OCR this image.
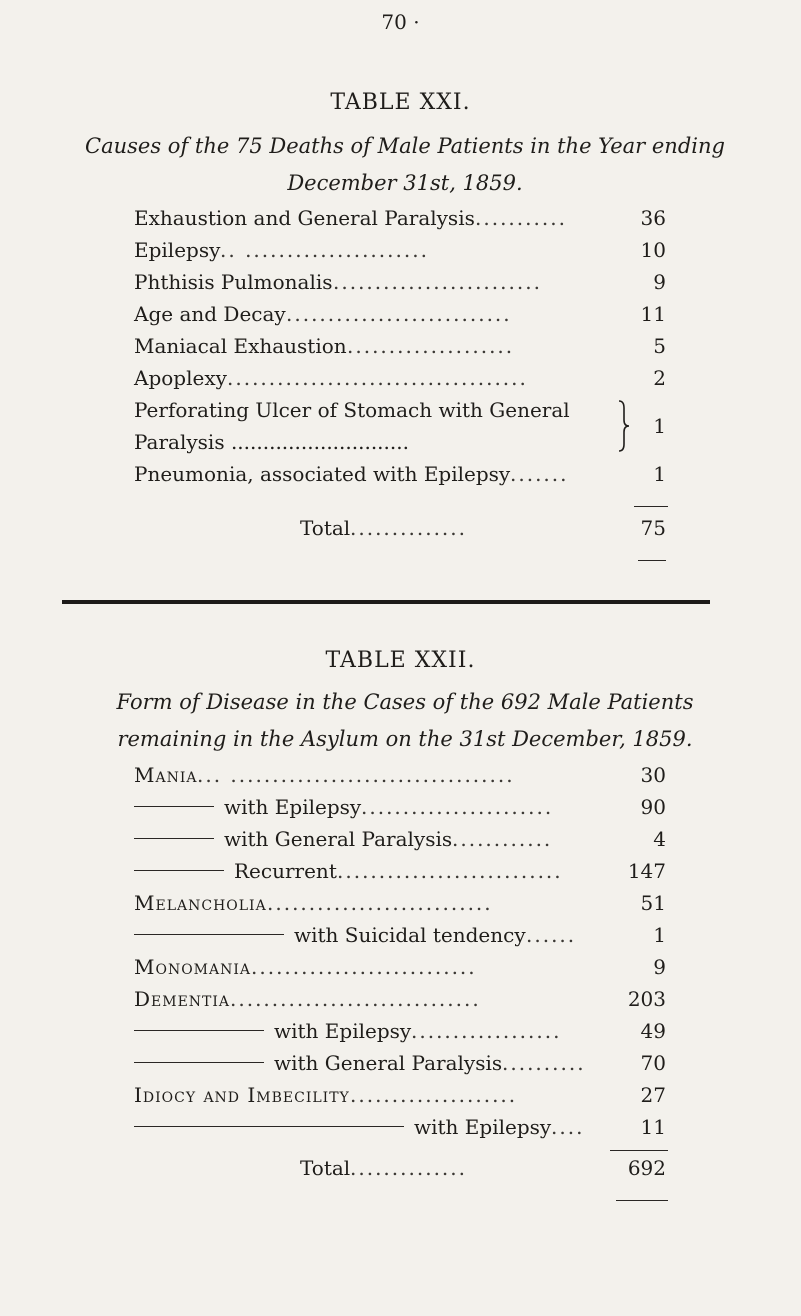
70 ·
TABLE XXI.
Causes of the 75 Deaths of Male Patients in the Year ending
December 31st, 1859.
Exhaustion and General Paralysis ...........	36
Epilepsy .. ......................	10
Phthisis Pulmonalis .........................	9
Age and Decay ...........................	11
Maniacal Exhaustion ....................	5
Apoplexy ....................................	2
Perforating Ulcer of Stomach with General
Paralysis ............................
1
Pneumonia, associated with Epilepsy .......	1
Total ..............	75
TABLE XXII.
Form of Disease in the Cases of the 692 Male Patients
remaining in the Asylum on the 31st December, 1859.
Mania ... ..................................	30
with Epilepsy .......................	90
with General Paralysis ............	4
Recurrent ...........................	147
Melancholia ...........................	51
with Suicidal tendency ......	1
Monomania ...........................	9
Dementia ..............................	203
with Epilepsy ..................	49
with General Paralysis ..........	70
Idiocy and Imbecility ....................	27
with Epilepsy ....	11
Total ..............	692
